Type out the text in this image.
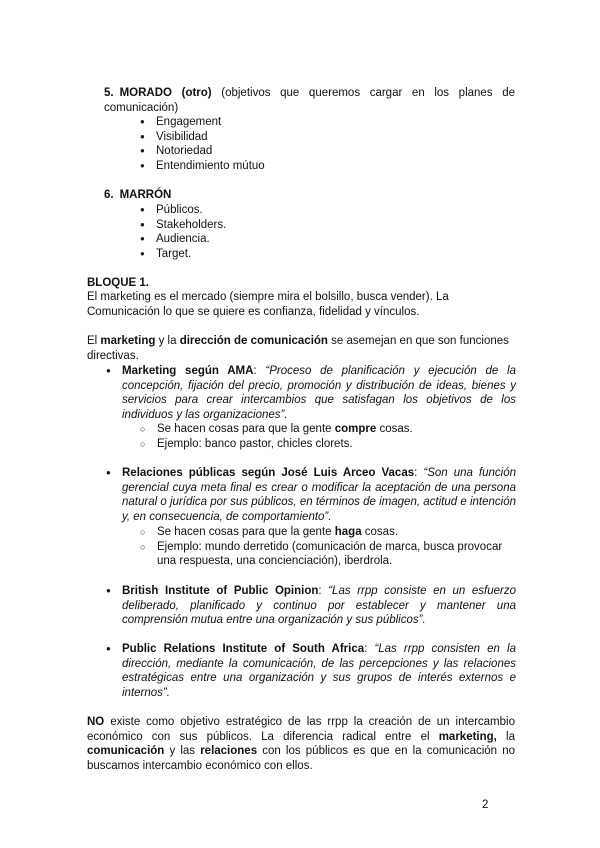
5. MORADO (otro) (objetivos que queremos cargar en los planes de comunicación)
● Engagement
● Visibilidad
● Notoriedad
● Entendimiento mútuo
6. MARRÓN
● Públicos.
● Stakeholders.
● Audiencia.
● Target.
BLOQUE 1.
El marketing es el mercado (siempre mira el bolsillo, busca vender). La Comunicación lo que se quiere es confianza, fidelidad y vínculos.
El marketing y la dirección de comunicación se asemejan en que son funciones directivas.
● Marketing según AMA: “Proceso de planificación y ejecución de la concepción, fijación del precio, promoción y distribución de ideas, bienes y servicios para crear intercambios que satisfagan los objetivos de los individuos y las organizaciones”.
○ Se hacen cosas para que la gente compre cosas.
○ Ejemplo: banco pastor, chicles clorets.
● Relaciones públicas según José Luis Arceo Vacas: “Son una función gerencial cuya meta final es crear o modificar la aceptación de una persona natural o jurídica por sus públicos, en términos de imagen, actitud e intención y, en consecuencia, de comportamiento”.
○ Se hacen cosas para que la gente haga cosas.
○ Ejemplo: mundo derretido (comunicación de marca, busca provocar una respuesta, una concienciación), iberdrola.
● British Institute of Public Opinion: “Las rrpp consiste en un esfuerzo deliberado, planificado y continuo por establecer y mantener una comprensión mutua entre una organización y sus públicos”.
● Public Relations Institute of South Africa: “Las rrpp consisten en la dirección, mediante la comunicación, de las percepciones y las relaciones estratégicas entre una organización y sus grupos de interés externos e internos”.
NO existe como objetivo estratégico de las rrpp la creación de un intercambio económico con sus públicos. La diferencia radical entre el marketing, la comunicación y las relaciones con los públicos es que en la comunicación no buscamos intercambio económico con ellos.
2
